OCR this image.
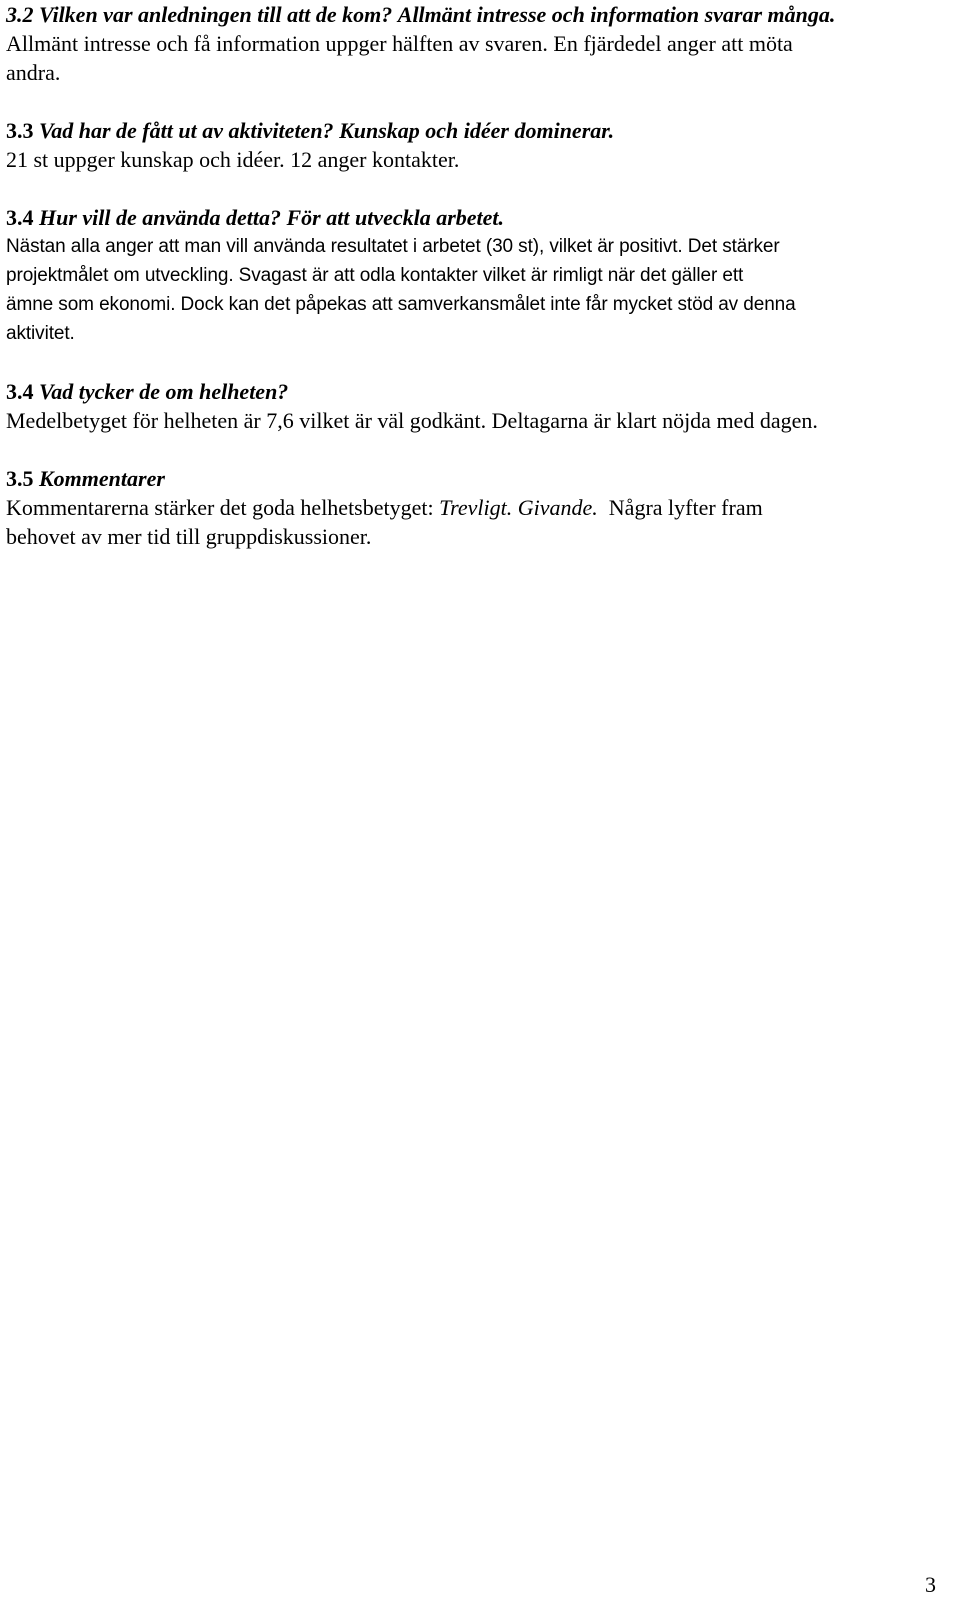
3.2 Vilken var anledningen till att de kom? Allmänt intresse och information svarar många.
Allmänt intresse och få information uppger hälften av svaren. En fjärdedel anger att möta
andra.
3.3 Vad har de fått ut av aktiviteten? Kunskap och idéer dominerar.
21 st uppger kunskap och idéer. 12 anger kontakter.
3.4 Hur vill de använda detta? För att utveckla arbetet.
Nästan alla anger att man vill använda resultatet i arbetet (30 st), vilket är positivt. Det stärker
projektmålet om utveckling. Svagast är att odla kontakter vilket är rimligt när det gäller ett
ämne som ekonomi. Dock kan det påpekas att samverkansmålet inte får mycket stöd av denna
aktivitet.
3.4 Vad tycker de om helheten?
Medelbetyget för helheten är 7,6 vilket är väl godkänt. Deltagarna är klart nöjda med dagen.
3.5 Kommentarer
Kommentarerna stärker det goda helhetsbetyget: Trevligt. Givande.  Några lyfter fram
behovet av mer tid till gruppdiskussioner.
3
